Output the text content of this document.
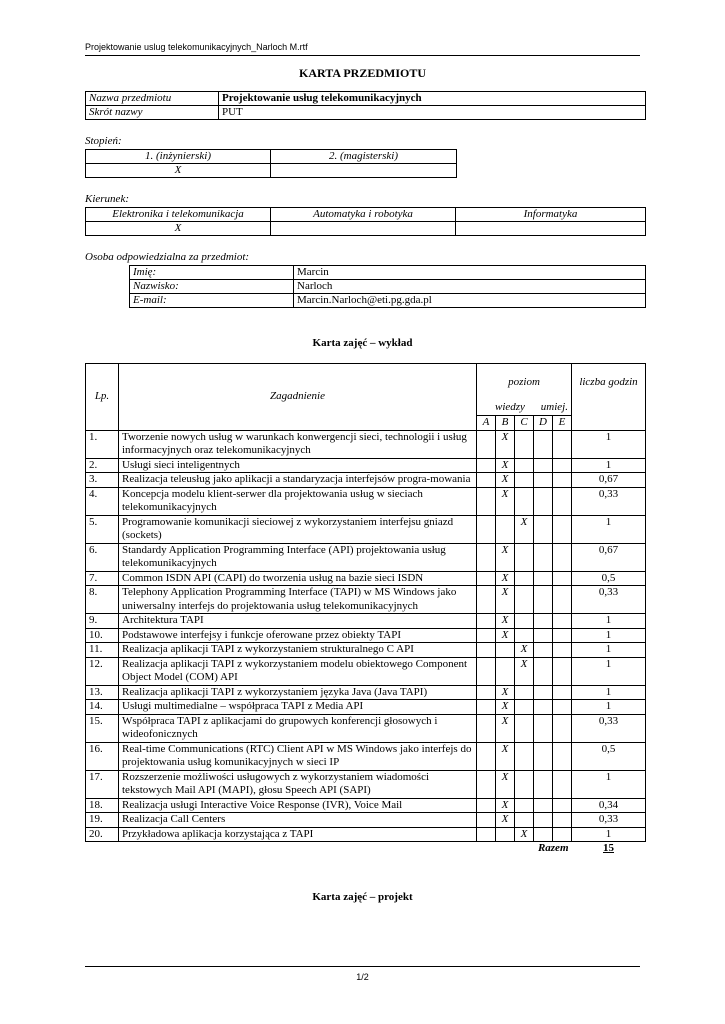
Projektowanie uslug telekomunikacyjnych_Narloch M.rtf
KARTA PRZEDMIOTU
Nazwa przedmiotu	Projektowanie usług telekomunikacyjnych
Skrót nazwy	PUT
Stopień:
1. (inżynierski)	2. (magisterski)
X	
Kierunek:
Elektronika i telekomunikacja	Automatyka i robotyka	Informatyka
X		
Osoba odpowiedzialna za przedmiot:
Imię:	Marcin
Nazwisko:	Narloch
E-mail:	Marcin.Narloch@eti.pg.gda.pl
Karta zajęć – wykład
Lp.	Zagadnienie	poziom
wiedzy umiej.					liczba godzin
		A	B	C	D	E	
1.	Tworzenie nowych usług w warunkach konwergencji sieci, technologii i usług informacyjnych oraz telekomunikacyjnych		X				1
2.	Usługi sieci inteligentnych		X				1
3.	Realizacja teleusług jako aplikacji a standaryzacja interfejsów progra-mowania		X				0,67
4.	Koncepcja modelu klient-serwer dla projektowania usług w sieciach telekomunikacyjnych		X				0,33
5.	Programowanie komunikacji sieciowej z wykorzystaniem interfejsu gniazd (sockets)			X			1
6.	Standardy Application Programming Interface (API) projektowania usług telekomunikacyjnych		X				0,67
7.	Common ISDN API (CAPI) do tworzenia usług na bazie sieci ISDN		X				0,5
8.	Telephony Application Programming Interface (TAPI) w MS Windows jako uniwersalny interfejs do projektowania usług telekomunikacyjnych		X				0,33
9.	Architektura TAPI		X				1
10.	Podstawowe interfejsy i funkcje oferowane przez obiekty TAPI		X				1
11.	Realizacja aplikacji TAPI z wykorzystaniem strukturalnego C API			X			1
12.	Realizacja aplikacji TAPI z wykorzystaniem modelu obiektowego Component Object Model (COM) API			X			1
13.	Realizacja aplikacji TAPI z wykorzystaniem języka Java (Java TAPI)		X				1
14.	Usługi multimedialne – współpraca TAPI z Media API		X				1
15.	Współpraca TAPI z aplikacjami do grupowych konferencji głosowych i wideofonicznych		X				0,33
16.	Real-time Communications (RTC) Client API w MS Windows jako interfejs do projektowania usług komunikacyjnych w sieci IP		X				0,5
17.	Rozszerzenie możliwości usługowych z wykorzystaniem wiadomości tekstowych Mail API (MAPI), głosu Speech API (SAPI)		X				1
18.	Realizacja usługi Interactive Voice Response (IVR), Voice Mail		X				0,34
19.	Realizacja Call Centers		X				0,33
20.	Przykładowa aplikacja korzystająca z TAPI			X			1
		Razem					15
Karta zajęć – projekt
1/2
